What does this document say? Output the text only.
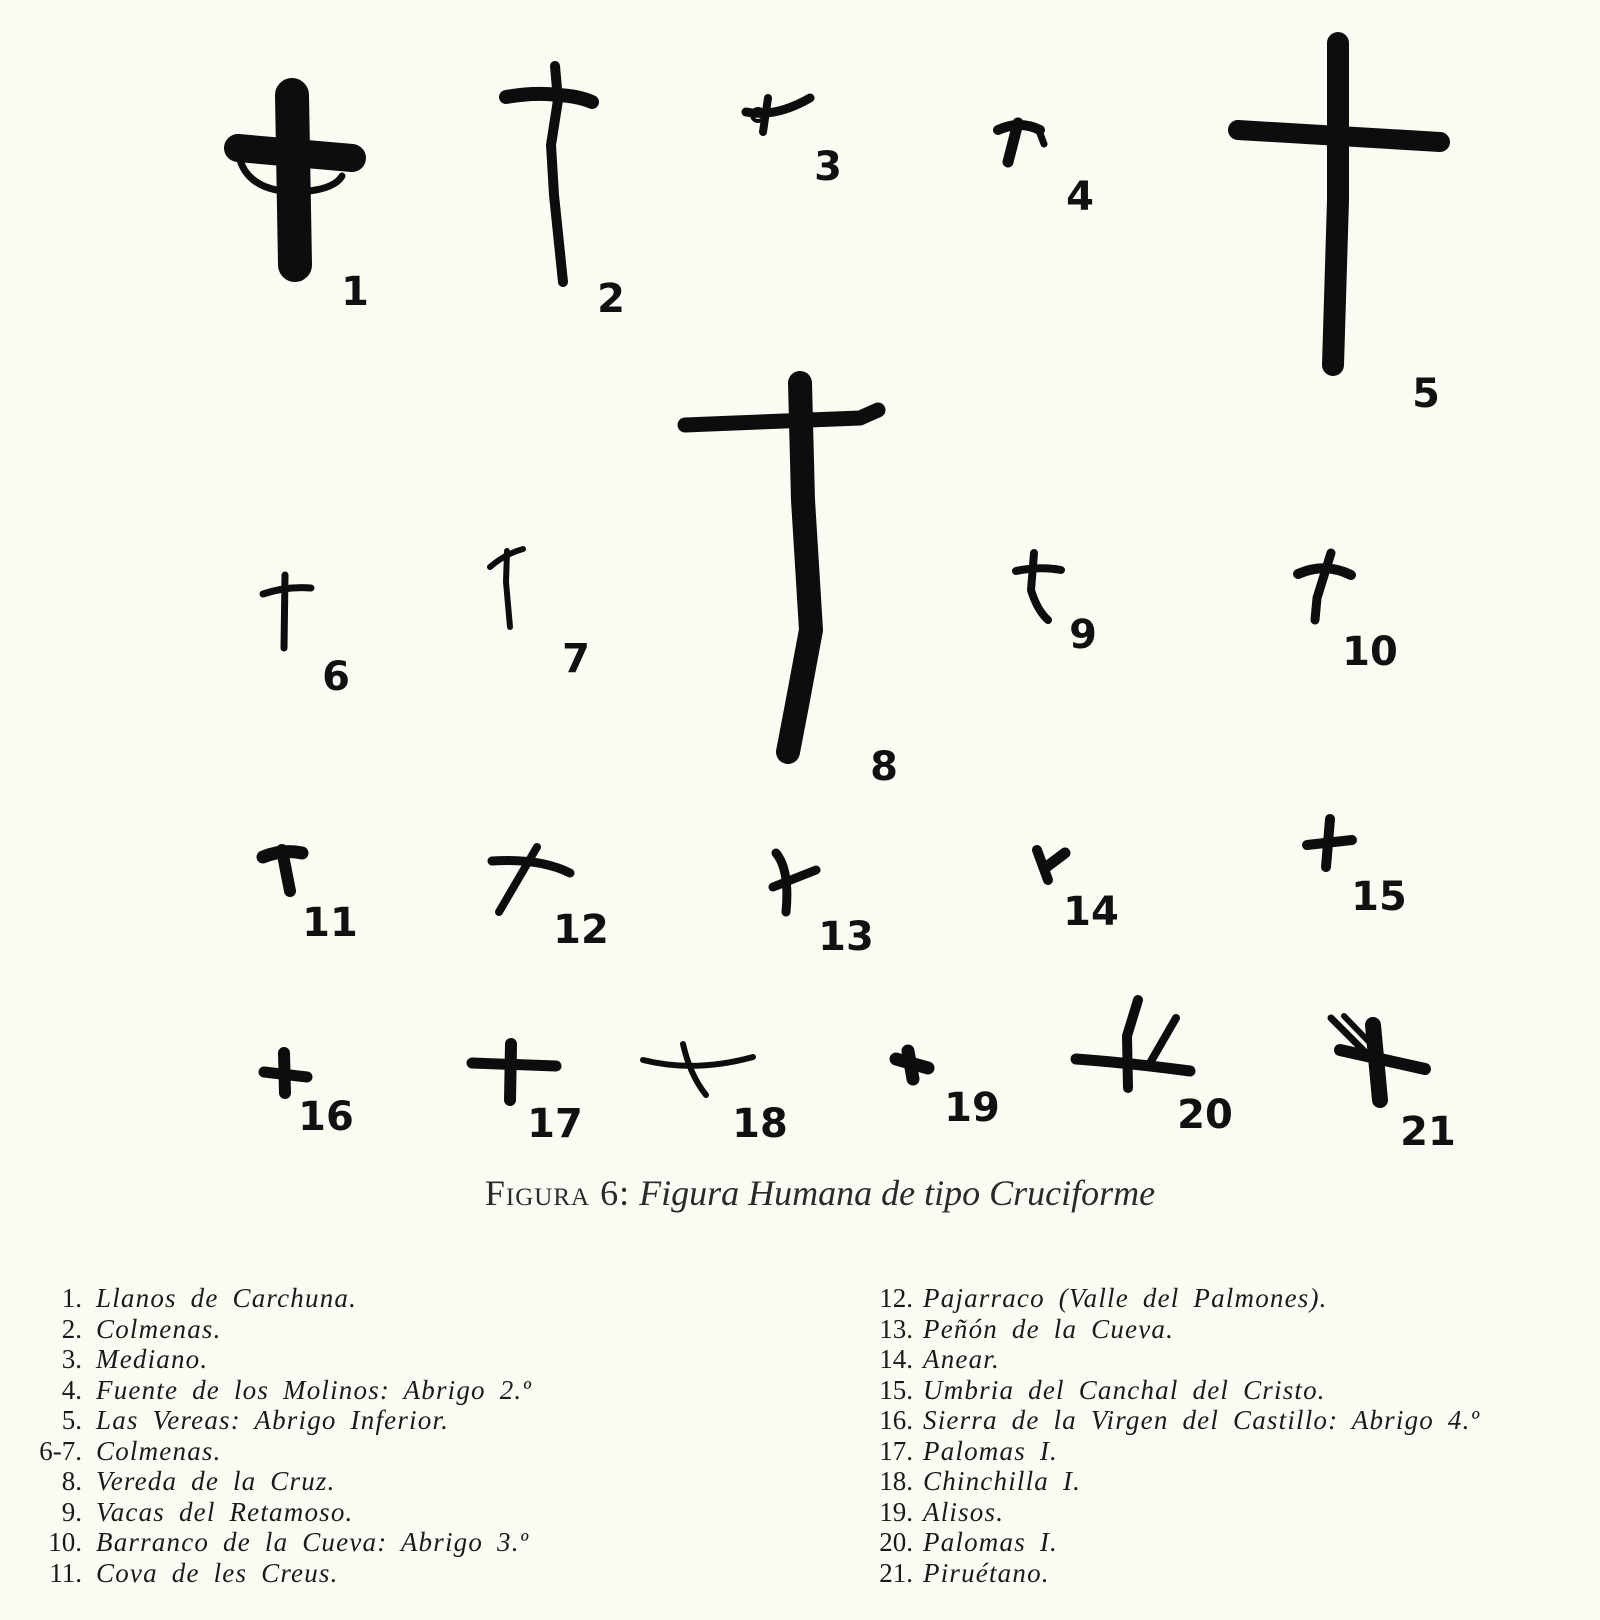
1	2
3
4
5
6	7
8
9	10
11	12	13
14	15
16	17	18	19	20	21
Figura 6: Figura Humana de tipo Cruciforme
1. Llanos de Carchuna.
2. Colmenas.
3. Mediano.
4. Fuente de los Molinos: Abrigo 2.º
5. Las Vereas: Abrigo Inferior.
6-7. Colmenas.
8. Vereda de la Cruz.
9. Vacas del Retamoso.
10. Barranco de la Cueva: Abrigo 3.º
11. Cova de les Creus.
12. Pajarraco (Valle del Palmones).
13. Peñón de la Cueva.
14. Anear.
15. Umbria del Canchal del Cristo.
16. Sierra de la Virgen del Castillo: Abrigo 4.º
17. Palomas I.
18. Chinchilla I.
19. Alisos.
20. Palomas I.
21. Piruétano.
